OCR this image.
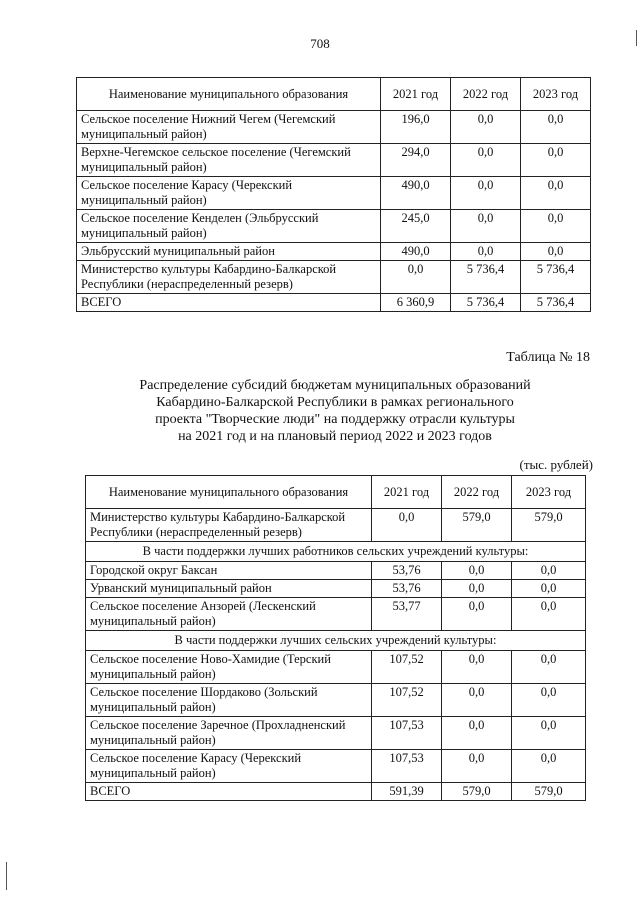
708
Наименование муниципального образования	2021 год	2022 год	2023 год
Сельское поселение Нижний Чегем (Чегемский муниципальный район)	196,0	0,0	0,0
Верхне-Чегемское сельское поселение (Чегемский муниципальный район)	294,0	0,0	0,0
Сельское поселение Карасу (Черекский муниципальный район)	490,0	0,0	0,0
Сельское поселение Кенделен (Эльбрусский муниципальный район)	245,0	0,0	0,0
Эльбрусский муниципальный район	490,0	0,0	0,0
Министерство культуры Кабардино-Балкарской Республики (нераспределенный резерв)	0,0	5 736,4	5 736,4
ВСЕГО	6 360,9	5 736,4	5 736,4
Таблица № 18
Распределение субсидий бюджетам муниципальных образований
Кабардино-Балкарской Республики в рамках регионального
проекта "Творческие люди" на поддержку отрасли культуры
на 2021 год и на плановый период 2022 и 2023 годов
(тыс. рублей)
Наименование муниципального образования	2021 год	2022 год	2023 год
Министерство культуры Кабардино-Балкарской Республики (нераспределенный резерв)	0,0	579,0	579,0
В части поддержки лучших работников сельских учреждений культуры:			
Городской округ Баксан	53,76	0,0	0,0
Урванский муниципальный район	53,76	0,0	0,0
Сельское поселение Анзорей (Лескенский муниципальный район)	53,77	0,0	0,0
В части поддержки лучших сельских учреждений культуры:			
Сельское поселение Ново-Хамидие (Терский муниципальный район)	107,52	0,0	0,0
Сельское поселение Шордаково (Зольский муниципальный район)	107,52	0,0	0,0
Сельское поселение Заречное (Прохладненский муниципальный район)	107,53	0,0	0,0
Сельское поселение Карасу (Черекский муниципальный район)	107,53	0,0	0,0
ВСЕГО	591,39	579,0	579,0
